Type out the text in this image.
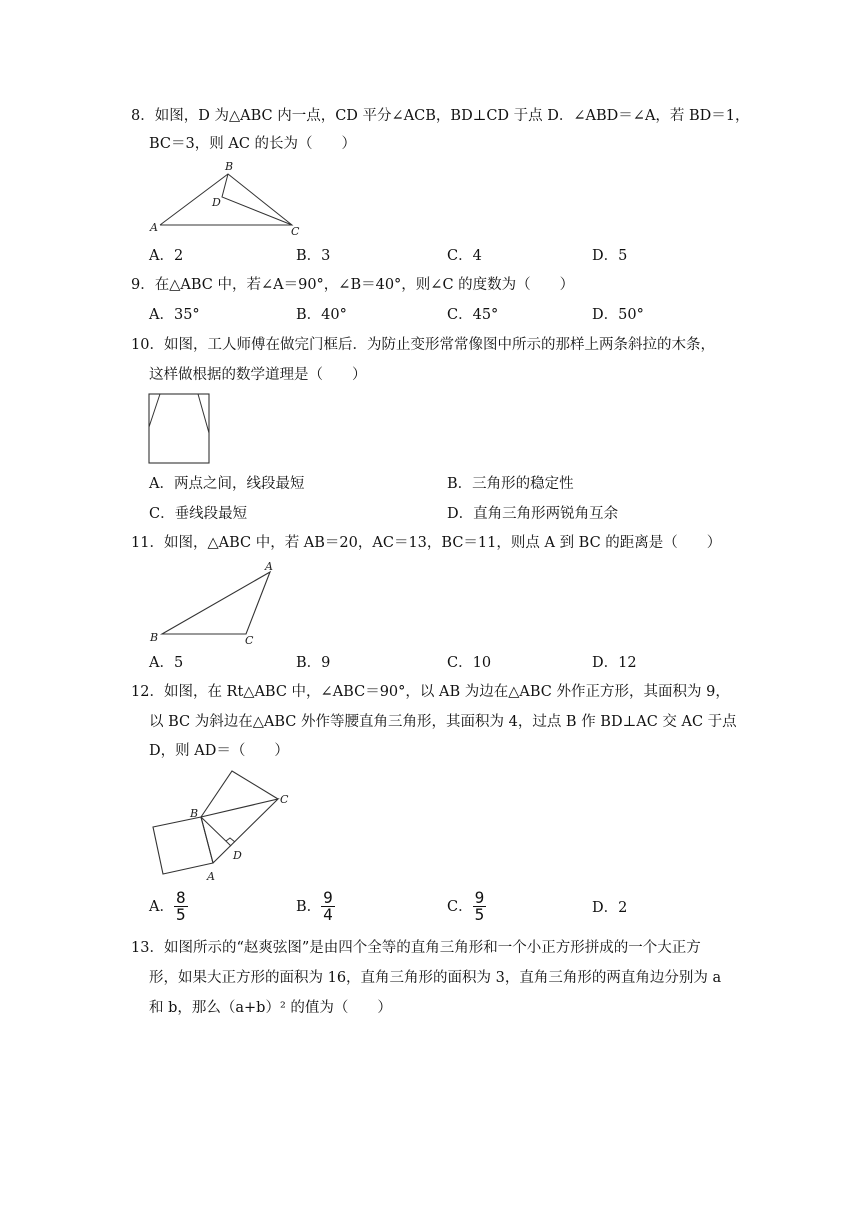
8．如图，D 为△ABC 内一点，CD 平分∠ACB，BD⊥CD 于点 D．∠ABD＝∠A，若 BD＝1，
BC＝3，则 AC 的长为（　　）
A
B
C
D
A．2	B．3	C．4	D．5
9．在△ABC 中，若∠A＝90°，∠B＝40°，则∠C 的度数为（　　）
A．35°	B．40°	C．45°	D．50°
10．如图，工人师傅在做完门框后．为防止变形常常像图中所示的那样上两条斜拉的木条，
这样做根据的数学道理是（　　）
A．两点之间，线段最短	B．三角形的稳定性
C．垂线段最短	D．直角三角形两锐角互余
11．如图，△ABC 中，若 AB＝20，AC＝13，BC＝11，则点 A 到 BC 的距离是（　　）
B
A
C
A．5	B．9	C．10	D．12
12．如图，在 Rt△ABC 中，∠ABC＝90°，以 AB 为边在△ABC 外作正方形，其面积为 9，
以 BC 为斜边在△ABC 外作等腰直角三角形，其面积为 4，过点 B 作 BD⊥AC 交 AC 于点
D，则 AD＝（　　）
B
C
D
A
A． $\frac{8}{5}$	B． $\frac{9}{4}$	C． $\frac{9}{5}$	D．2
13．如图所示的“赵爽弦图”是由四个全等的直角三角形和一个小正方形拼成的一个大正方
形，如果大正方形的面积为 16，直角三角形的面积为 3，直角三角形的两直角边分别为 a
和 b，那么（a+b）² 的值为（　　）
